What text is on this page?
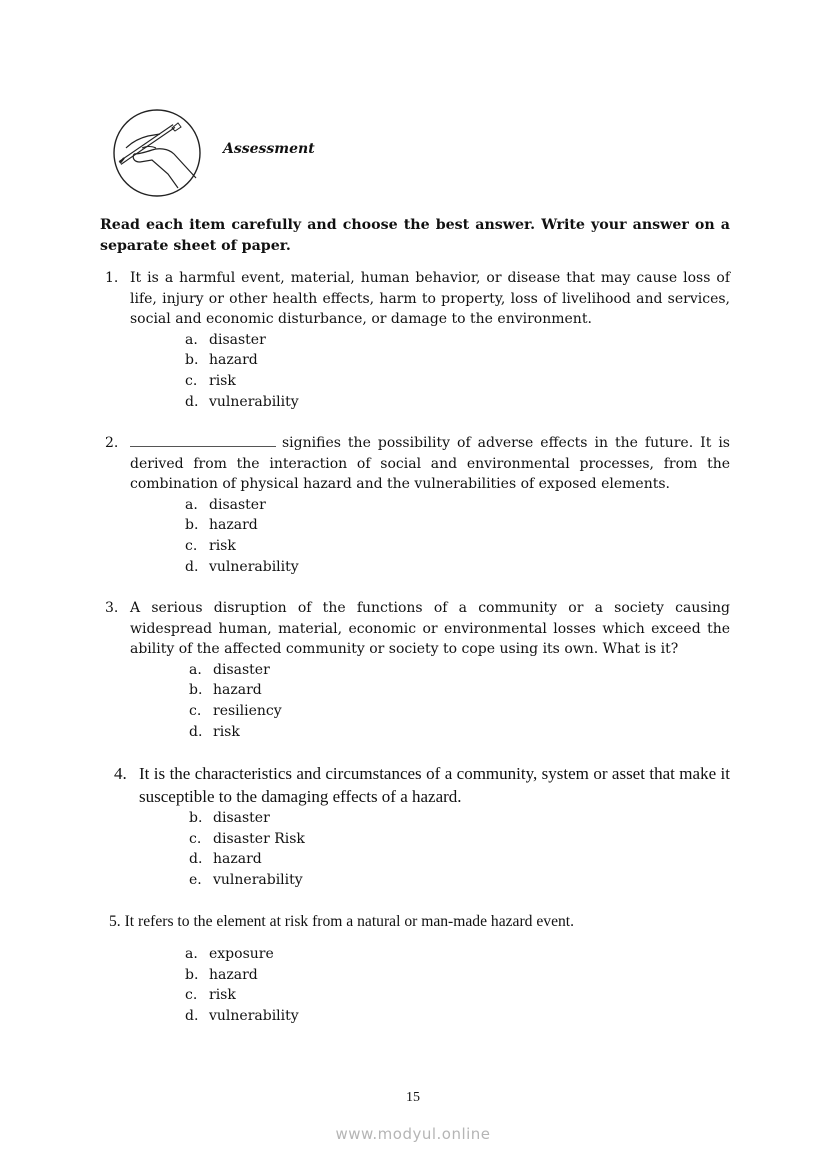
Assessment
Read each item carefully and choose the best answer. Write your answer on a separate sheet of paper.
1. It is a harmful event, material, human behavior, or disease that may cause loss of life, injury or other health effects, harm to property, loss of livelihood and services, social and economic disturbance, or damage to the environment.
a. disaster
b. hazard
c. risk
d. vulnerability
2.	signifies the possibility of adverse effects in the future. It is derived from the interaction of social and environmental processes, from the combination of physical hazard and the vulnerabilities of exposed elements.
a. disaster
b. hazard
c. risk
d. vulnerability
3. A serious disruption of the functions of a community or a society causing widespread human, material, economic or environmental losses which exceed the ability of the affected community or society to cope using its own. What is it?
a. disaster
b. hazard
c. resiliency
d. risk
4. It is the characteristics and circumstances of a community, system or asset that make it susceptible to the damaging effects of a hazard.
b. disaster
c. disaster Risk
d. hazard
e. vulnerability
5. It refers to the element at risk from a natural or man-made hazard event.
a. exposure
b. hazard
c. risk
d. vulnerability
15
www.modyul.online
